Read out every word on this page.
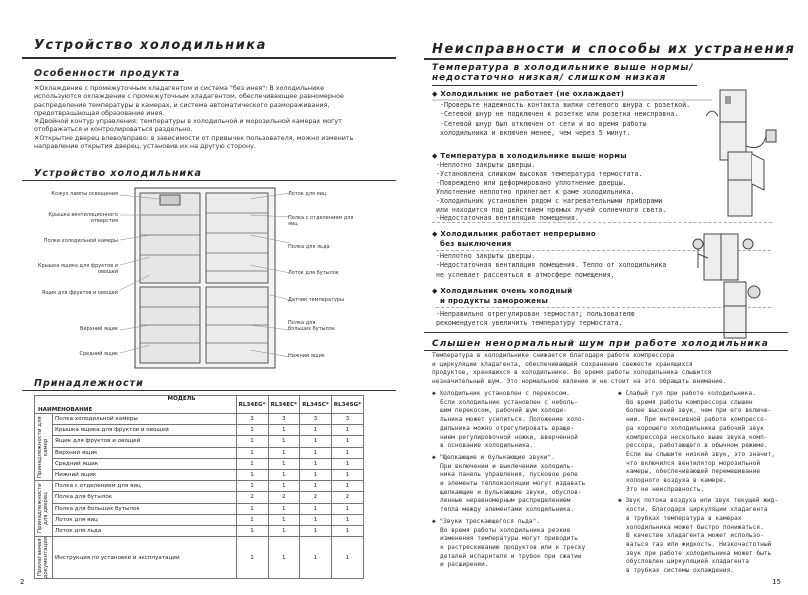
Устройство холодильника
Особенности продукта
✕Охлаждение с промежуточным хладагентом и система "без инея": В холодильнике используются охлаждение с промежуточным хладагентом, обеспечивающее равномерное распределение температуры в камерах, и система автоматического размораживания, предотвращающая образование инея.
✕Двойной контур управления: температуры в холодильной и морозильной камерах могут отображаться и контролироваться раздельно.
✕Открытие дверец влево/вправо: в зависимости от привычек пользователя, можно изменить направление открытия дверец, установив их на другую сторону.
Устройство холодильника
Кожух лампы освещения
Крышка вентиляционного отверстия
Полки холодильной камеры
Крышка ящика для фруктов и овощей
Ящик для фруктов и овощей
Верхний ящик
Средний ящик
Лоток для яиц
Полка с отделением для яиц
Полка для льда
Лоток для бутылок
Датчик температуры
Полка для больших бутылок
Нижний ящик
Принадлежности
МОДЕЛЬ
НАИМЕНОВАНИЕ		RL34EG*	RL34EC*	RL34SC*	RL34SG*

Принадлежности для камер	Полка холодильной камеры	3	3	3	3
	Крышка ящика для фруктов и овощей	1	1	1	1
	Ящик для фруктов и овощей	1	1	1	1
	Верхний ящик	1	1	1	1
	Средний ящик	1	1	1	1
	Нижний ящик	1	1	1	1

Принадлежности для дверец	Полка с отделением для яиц	1	1	1	1
	Полка для бутылок	2	2	2	2
	Полка для больших бутылок	1	1	1	1
	Лоток для яиц	1	1	1	1
	Лоток для льда	1	1	1	1

Прилагаемая документация	Инструкция по установке и эксплуатации	1	1	1	1
2
Неисправности и способы их устранения
Температура в холодильнике выше нормы/
недостаточно низкая/ слишком низкая
◆ Холодильник не работает (не охлаждает)
-Проверьте надежность контакта вилки сетевого шнура с розеткой.
-Сетевой шнур не подключен к розетке или розетка неисправна.
-Сетевой шнур был отключен от сети и во время работы
холодильника и включен менее, чем через 5 минут.
◆ Температура в холодильнике выше нормы
-Неплотно закрыты дверцы.
-Установлена слишком высокая температура термостата.
-Повреждено или деформировано уплотнение дверцы.
Уплотнение неплотно прилегает к раме холодильника.
-Холодильник установлен рядом с нагревательными приборами
или находится под действием прямых лучей солнечного света.
-Недостаточная вентиляция помещения.
◆ Холодильник работает непрерывно
без выключения
-Неплотно закрыты дверцы.
-Недостаточная вентиляция помещения. Тепло от холодильника
не успевает рассеяться в атмосфере помещения.
◆ Холодильник очень холодный
и продукты заморожены
-Неправильно отрегулирован термостат; пользователю
рекомендуется увеличить температуру термостата.
Слышен ненормальный шум при работе холодильника
Температура в холодильнике снижается благодаря работе компрессора
и циркуляции хладагента, обеспечивающей сохранение свежести хранящихся
продуктов, хранящихся в холодильнике. Во время работы холодильника слышится
незначительный шум. Это нормальное явление и не стоит на это обращать внимание.
◆ Холодильник установлен с перекосом.
Если холодильник установлен с неболь-
шим перекосом, рабочий шум холоди-
льника может усилиться. Положение холо-
дильника можно отрегулировать враще-
нием регулировочной ножки, вверченной
в основание холодильника.
◆ "Щелкающие и булькающие звуки".
При включении и выключении холодиль-
ника панель управления, пусковое реле
и элементы теплоизоляции могут издавать
щелкающие и булькающие звуки, обуслов-
ленные неравномерным распределением
тепла между элементами холодильника.
◆ "Звуки трескающегося льда".
Во время работы холодильника резкие
изменения температуры могут приводить
к растрескиванию продуктов или к треску
деталей испарителя и трубок при сжатии
и расширении.
◆ Слабый гул при работе холодильника.
Во время работы компрессора слышен
более высокий звук, чем при его включе-
нии. При интенсивной работе компрессо-
ра хорошего холодильника рабочий звук
компрессора несколько выше звука комп-
рессора, работающего в обычном режиме.
Если вы слышите низкий звук, это значит,
что включился вентилятор морозильной
камеры, обеспечивающей перемешивание
холодного воздуха в камере.
Это не неисправность.
◆ Звук потока воздуха или звук текущей жид-
кости. Благодаря циркуляции хладагента
в трубках температура в камерах
холодильника может быстро понижаться.
В качестве хладагента может использо-
ваться газ или жидкость. Низкочастотный
звук при работе холодильника может быть
обусловлен циркуляцией хладагента
в трубках системы охлаждения.
15
